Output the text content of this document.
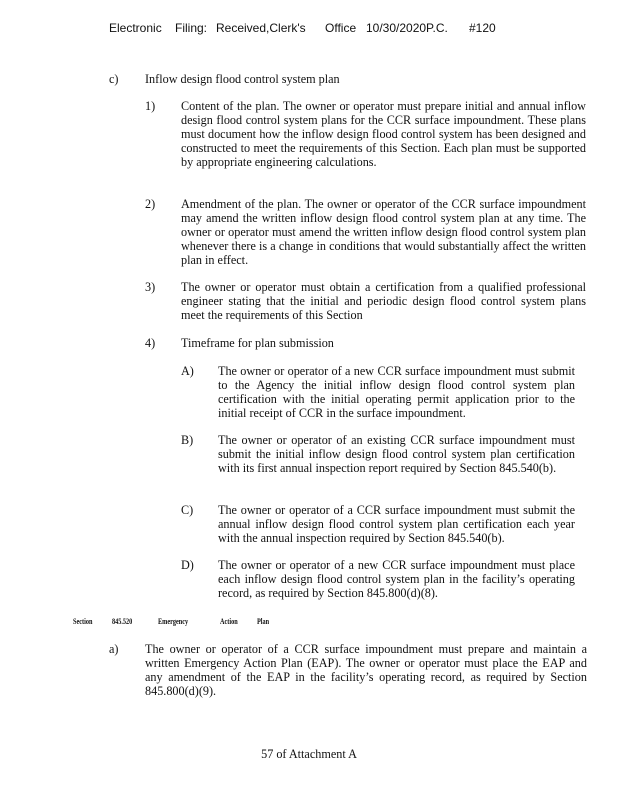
Electronic Filing: Received,Clerk's Office 10/30/2020P.C. #120
c) Inflow design flood control system plan
1) Content of the plan. The owner or operator must prepare initial and annual inflow design flood control system plans for the CCR surface impoundment. These plans must document how the inflow design flood control system has been designed and constructed to meet the requirements of this Section. Each plan must be supported by appropriate engineering calculations.
2) Amendment of the plan. The owner or operator of the CCR surface impoundment may amend the written inflow design flood control system plan at any time. The owner or operator must amend the written inflow design flood control system plan whenever there is a change in conditions that would substantially affect the written plan in effect.
3) The owner or operator must obtain a certification from a qualified professional engineer stating that the initial and periodic design flood control system plans meet the requirements of this Section
4) Timeframe for plan submission
A) The owner or operator of a new CCR surface impoundment must submit to the Agency the initial inflow design flood control system plan certification with the initial operating permit application prior to the initial receipt of CCR in the surface impoundment.
B) The owner or operator of an existing CCR surface impoundment must submit the initial inflow design flood control system plan certification with its first annual inspection report required by Section 845.540(b).
C) The owner or operator of a CCR surface impoundment must submit the annual inflow design flood control system plan certification each year with the annual inspection required by Section 845.540(b).
D) The owner or operator of a new CCR surface impoundment must place each inflow design flood control system plan in the facility’s operating record, as required by Section 845.800(d)(8).
Section 845.520	Emergency	Action Plan
a) The owner or operator of a CCR surface impoundment must prepare and maintain a written Emergency Action Plan (EAP). The owner or operator must place the EAP and any amendment of the EAP in the facility’s operating record, as required by Section 845.800(d)(9).
57 of Attachment A
